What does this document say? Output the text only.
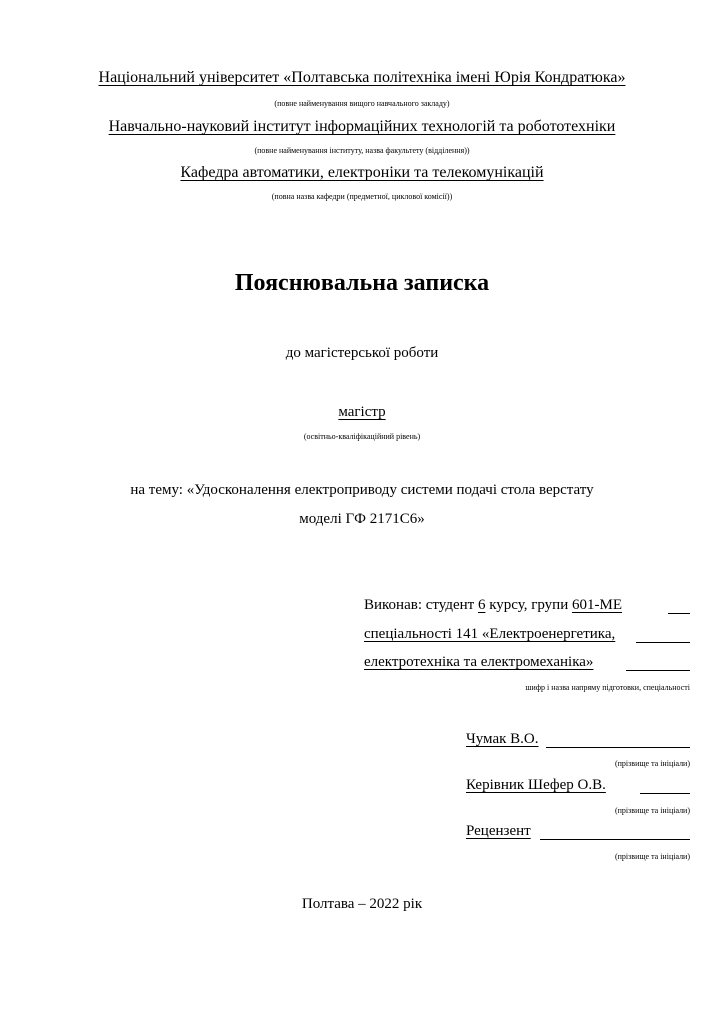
Національний університет «Полтавська політехніка імені Юрія Кондратюка»
(повне найменування вищого навчального закладу)
Навчально-науковий інститут інформаційних технологій та робототехніки
(повне найменування інституту, назва факультету (відділення))
Кафедра автоматики, електроніки та телекомунікацій
(повна назва кафедри (предметної, циклової комісії))
Пояснювальна записка
до магістерської роботи
магістр
(освітньо-кваліфікаційний рівень)
на тему: «Удосконалення електроприводу системи подачі стола верстату
моделі ГФ 2171С6»
Виконав: студент 6 курсу, групи 601-МЕ
спеціальності 141 «Електроенергетика,
електротехніка та електромеханіка»
шифр і назва напряму підготовки, спеціальності
Чумак В.О.
(прізвище та ініціали)
Керівник Шефер О.В.
(прізвище та ініціали)
Рецензент
(прізвище та ініціали)
Полтава – 2022 рік
